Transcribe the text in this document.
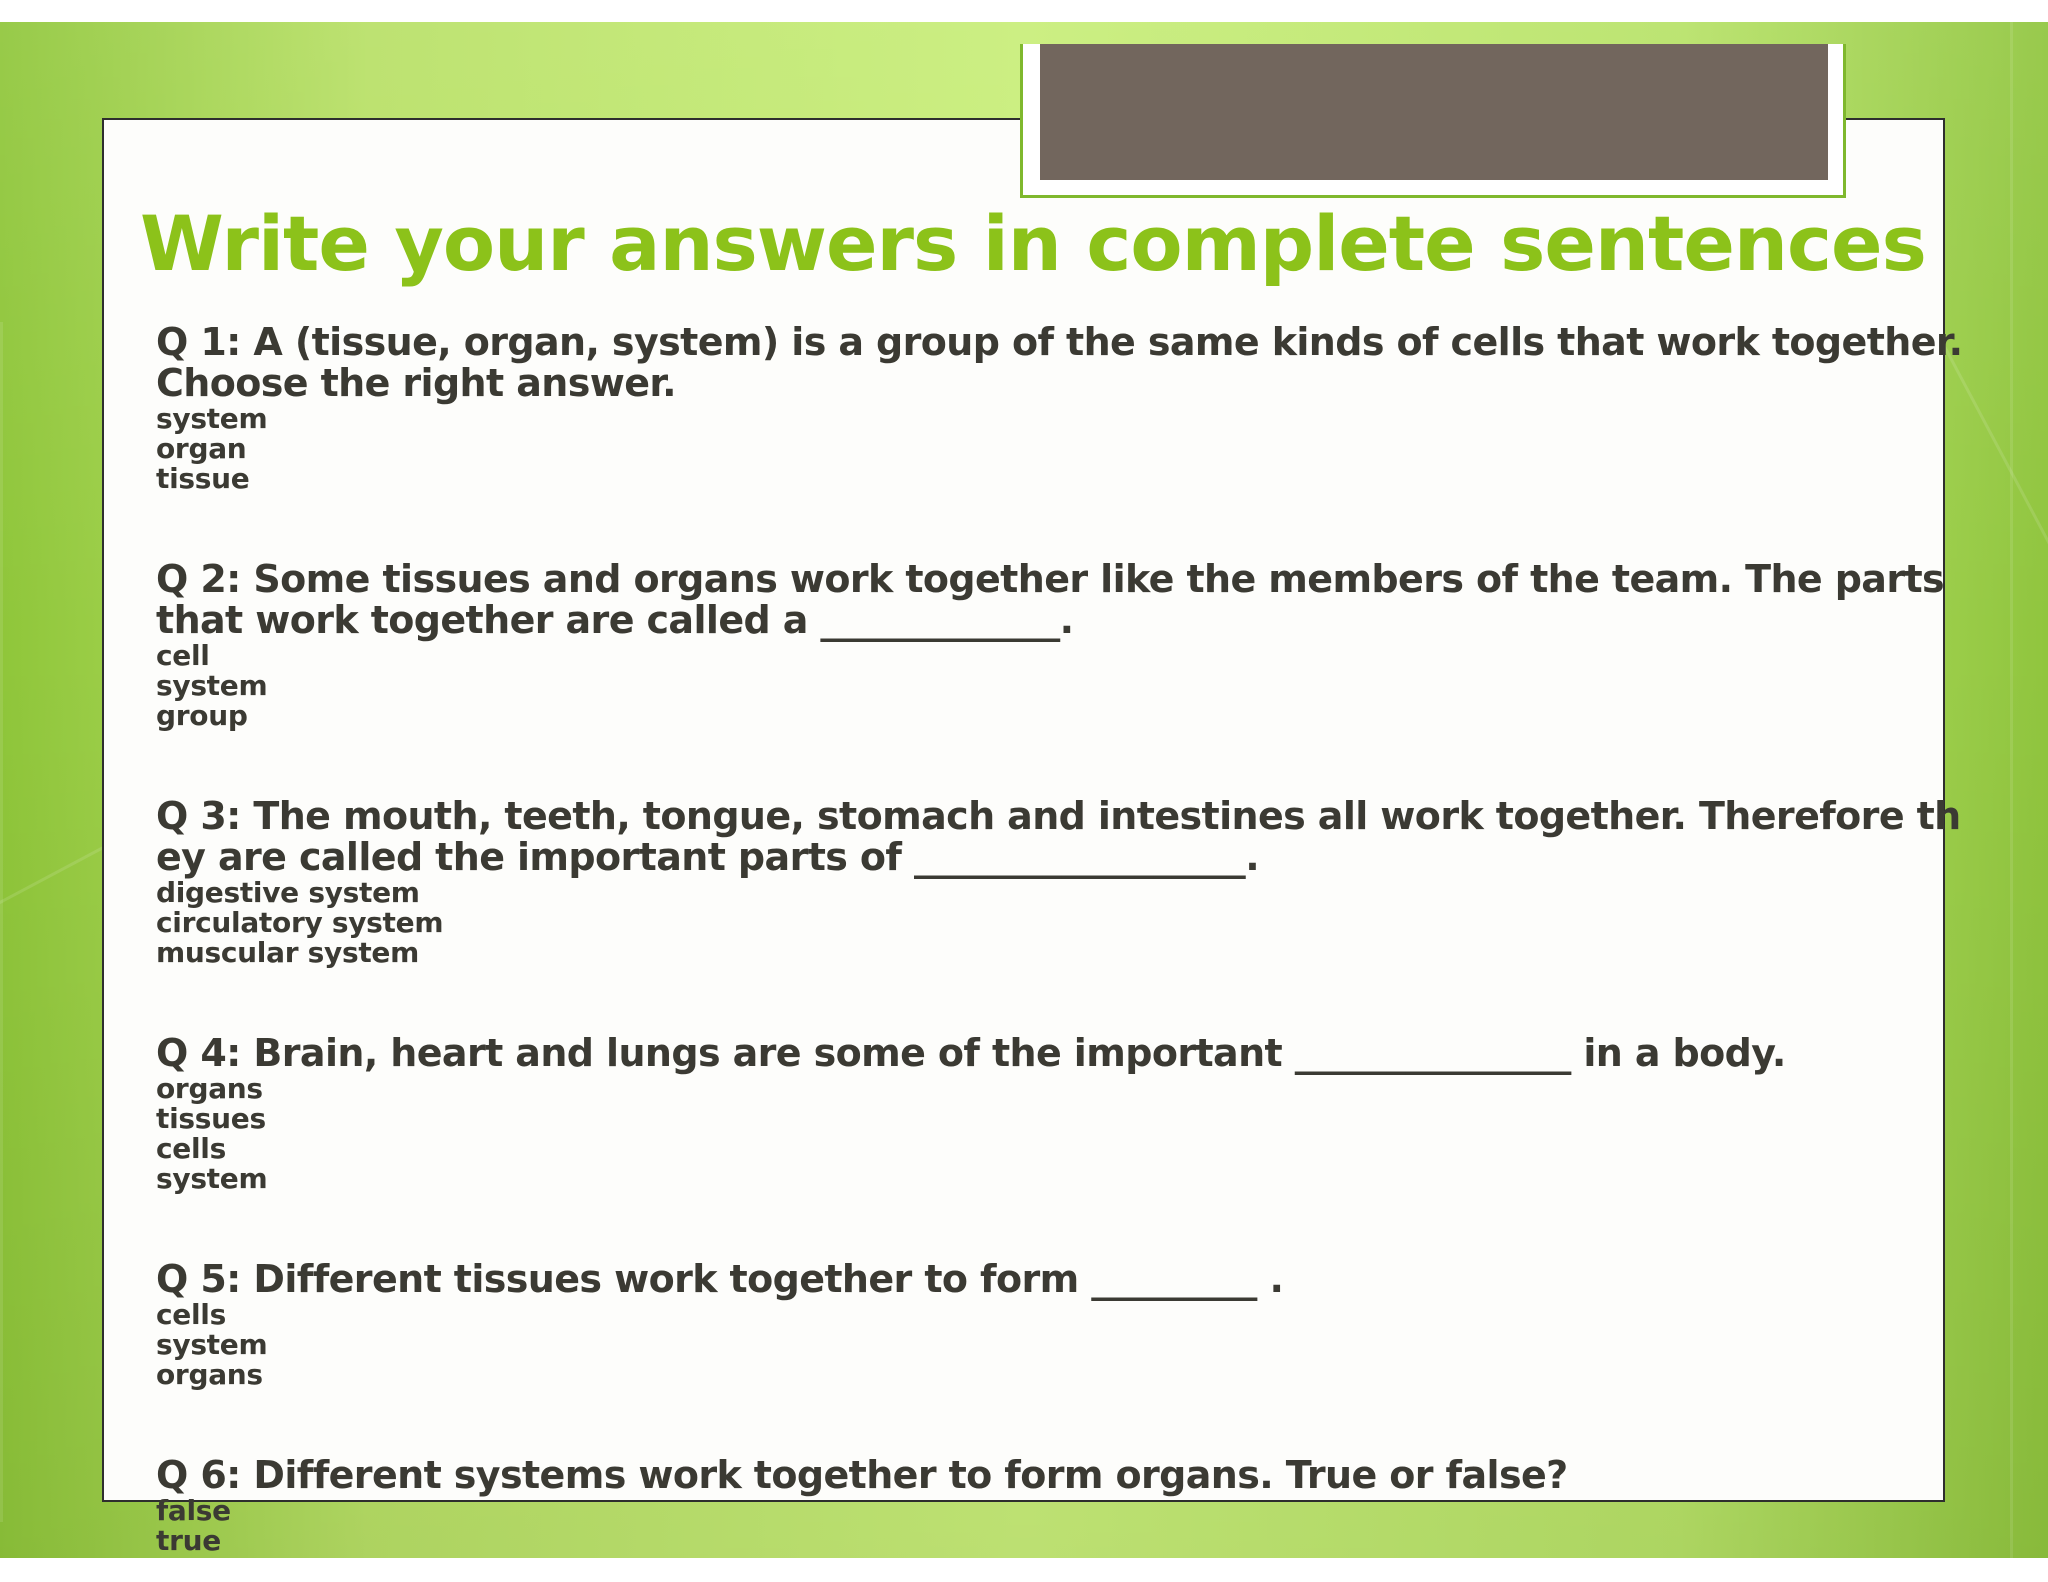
Write your answers in complete sentences
Q 1: A (tissue, organ, system) is a group of the same kinds of cells that work together.
Choose the right answer.
system
organ
tissue
Q 2: Some tissues and organs work together like the members of the team. The parts
that work together are called a _____________.
cell
system
group
Q 3: The mouth, teeth, tongue, stomach and intestines all work together. Therefore th
ey are called the important parts of __________________.
digestive system
circulatory system
muscular system
Q 4: Brain, heart and lungs are some of the important _______________ in a body.
organs
tissues
cells
system
Q 5: Different tissues work together to form _________ .
cells
system
organs
Q 6: Different systems work together to form organs. True or false?
false
true
